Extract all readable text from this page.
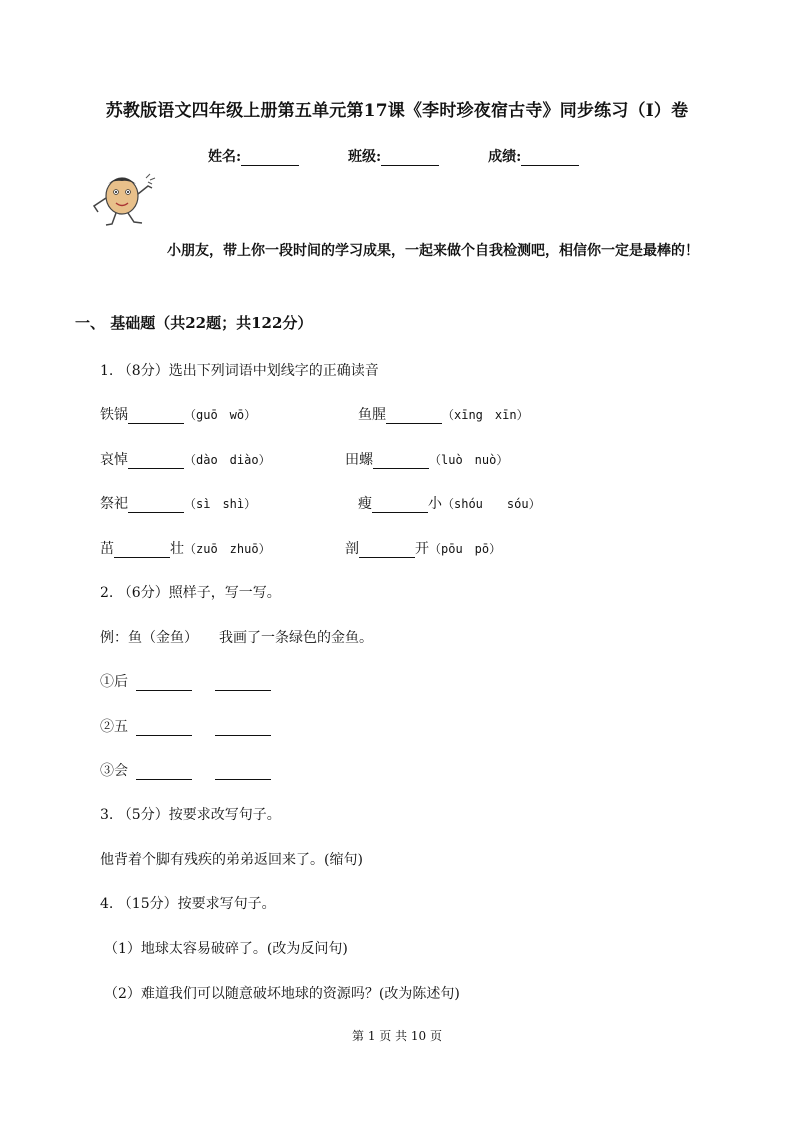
苏教版语文四年级上册第五单元第17课《李时珍夜宿古寺》同步练习（I）卷
姓名:	班级:	成绩:
小朋友，带上你一段时间的学习成果，一起来做个自我检测吧，相信你一定是最棒的！
一、 基础题（共22题；共122分）
1. （8分）选出下列词语中划线字的正确读音
铁锅	（guō　wō）	鱼腥	（xīng　xīn）
哀悼	（dào　diào）	田螺	（luò　nuò）
祭祀	（sì　shì）	瘦	小（shóu　　sóu）
茁	壮（zuō　zhuō）	剖	开（pōu　pō）
2. （6分）照样子，写一写。
例：鱼（金鱼）　　我画了一条绿色的金鱼。
①后
②五
③会
3. （5分）按要求改写句子。
他背着个脚有残疾的弟弟返回来了。(缩句)
4. （15分）按要求写句子。
（1）地球太容易破碎了。(改为反问句)
（2）难道我们可以随意破坏地球的资源吗？(改为陈述句)
第 1 页 共 10 页
